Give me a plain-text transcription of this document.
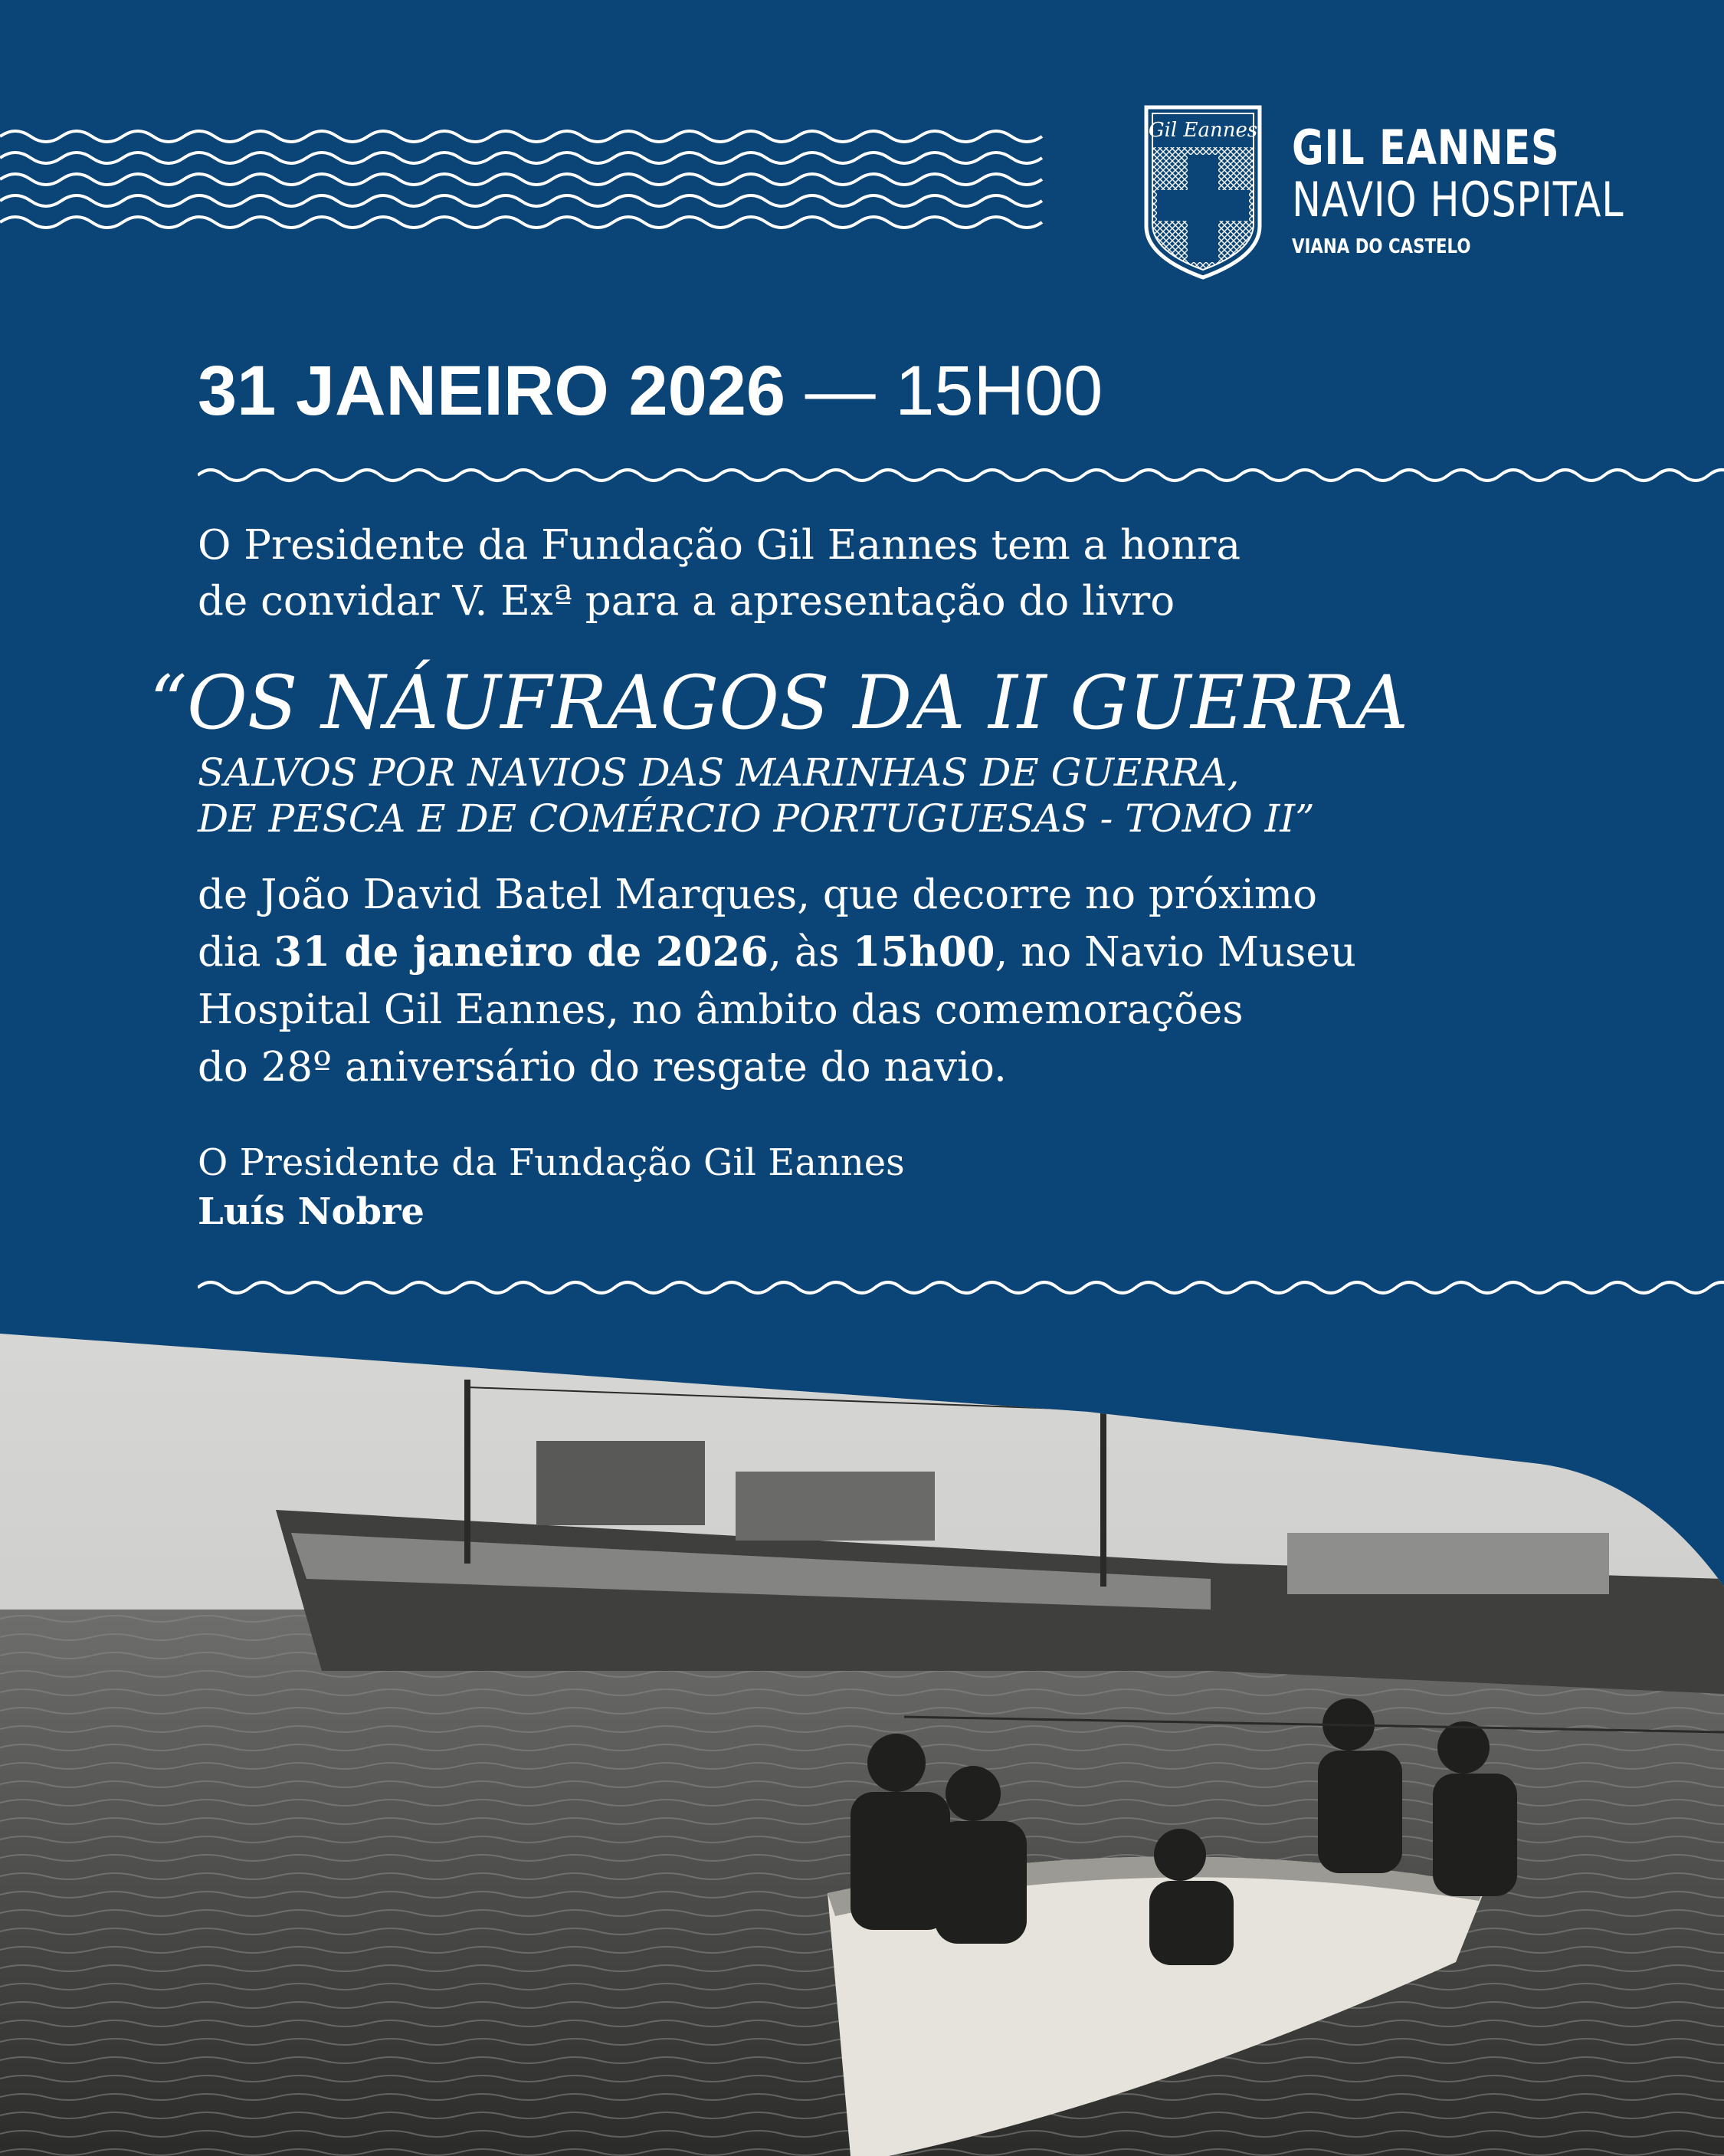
Gil Eannes GIL EANNES
NAVIO HOSPITAL
VIANA DO CASTELO
31 JANEIRO 2026 — 15H00
O Presidente da Fundação Gil Eannes tem a honra
de convidar V. Exª para a apresentação do livro
“OS NÁUFRAGOS DA II GUERRA
SALVOS POR NAVIOS DAS MARINHAS DE GUERRA,
DE PESCA E DE COMÉRCIO PORTUGUESAS - TOMO II”
de João David Batel Marques, que decorre no próximo
dia 31 de janeiro de 2026, às 15h00, no Navio Museu
Hospital Gil Eannes, no âmbito das comemorações
do 28º aniversário do resgate do navio.
O Presidente da Fundação Gil Eannes
Luís Nobre
